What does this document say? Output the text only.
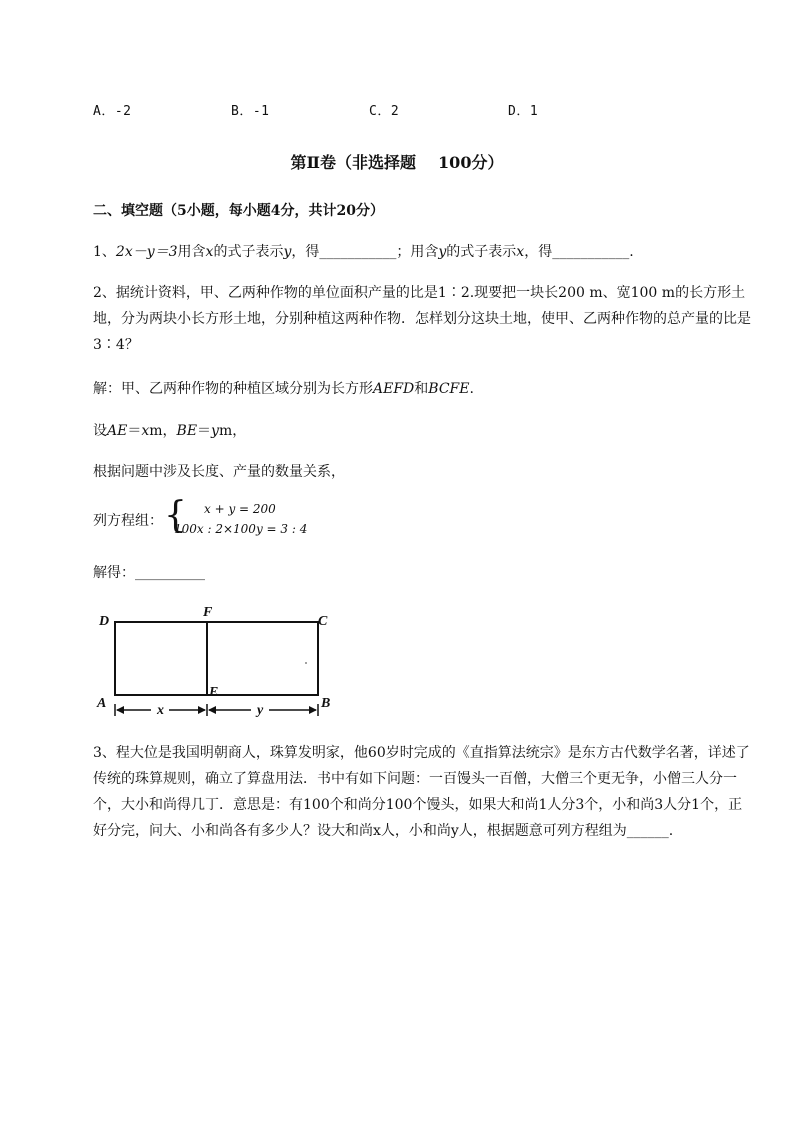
A．-2	B．-1	C．2	D．1
第Ⅱ卷（非选择题 100分）
二、填空题（5小题，每小题4分，共计20分）
1、2x－y＝3用含x的式子表示y，得___________；用含y的式子表示x，得___________.
2、据统计资料，甲、乙两种作物的单位面积产量的比是1∶2.现要把一块长200 m、宽100 m的长方形土地，分为两块小长方形土地，分别种植这两种作物．怎样划分这块土地，使甲、乙两种作物的总产量的比是3∶4？
解：甲、乙两种作物的种植区域分别为长方形AEFD和BCFE.
设AE＝xm，BE＝ym，
根据问题中涉及长度、产量的数量关系，
列方程组： { x + y = 200
100x : 2×100y = 3 : 4
解得：__________
D
F
C
A
E
B
x	y
3、程大位是我国明朝商人，珠算发明家，他60岁时完成的《直指算法统宗》是东方古代数学名著，详述了传统的珠算规则，确立了算盘用法．书中有如下问题：一百馒头一百僧，大僧三个更无争，小僧三人分一个，大小和尚得几丁．意思是：有100个和尚分100个馒头，如果大和尚1人分3个，小和尚3人分1个，正好分完，问大、小和尚各有多少人？设大和尚x人，小和尚y人，根据题意可列方程组为______.
